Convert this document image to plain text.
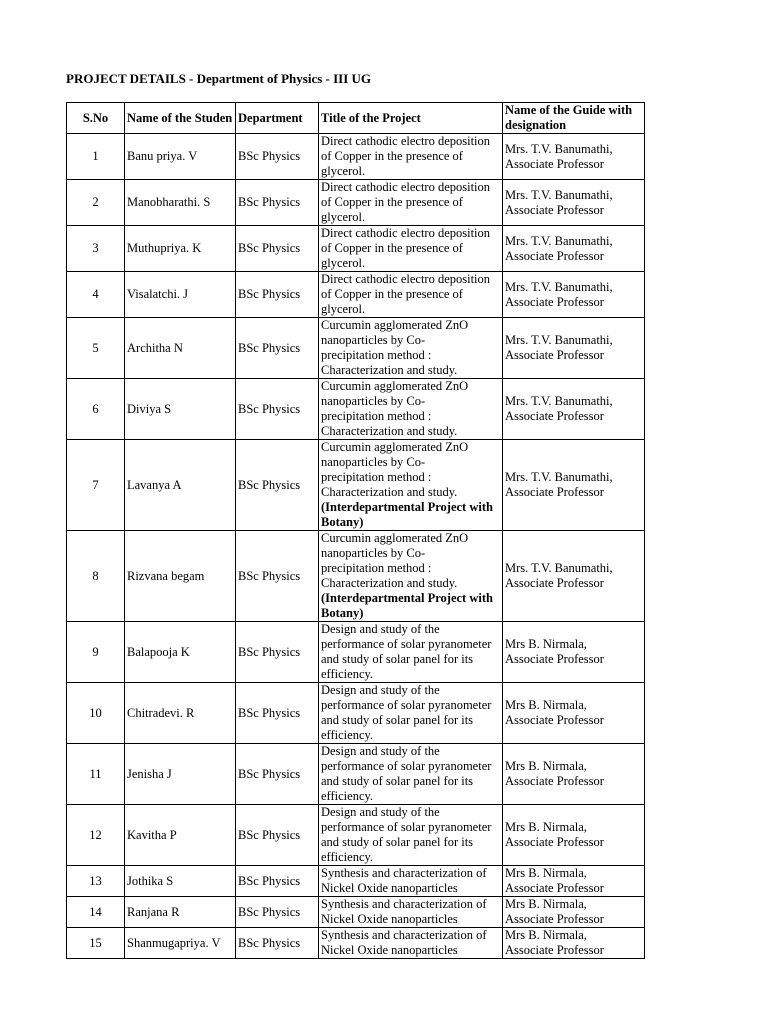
PROJECT DETAILS - Department of Physics - III UG
S.No	Name of the Studen	Department	Title of the Project	Name of the Guide with
designation

1	Banu priya. V	BSc Physics	Direct cathodic electro deposition
of Copper in the presence of
glycerol.	Mrs. T.V. Banumathi,
Associate Professor

2	Manobharathi. S	BSc Physics	Direct cathodic electro deposition
of Copper in the presence of
glycerol.	Mrs. T.V. Banumathi,
Associate Professor

3	Muthupriya. K	BSc Physics	Direct cathodic electro deposition
of Copper in the presence of
glycerol.	Mrs. T.V. Banumathi,
Associate Professor

4	Visalatchi. J	BSc Physics	Direct cathodic electro deposition
of Copper in the presence of
glycerol.	Mrs. T.V. Banumathi,
Associate Professor

5	Architha N	BSc Physics	Curcumin agglomerated ZnO
nanoparticles by Co-
precipitation method :
Characterization and study.	Mrs. T.V. Banumathi,
Associate Professor

6	Diviya S	BSc Physics	Curcumin agglomerated ZnO
nanoparticles by Co-
precipitation method :
Characterization and study.	Mrs. T.V. Banumathi,
Associate Professor

7	Lavanya A	BSc Physics	Curcumin agglomerated ZnO
nanoparticles by Co-
precipitation method :
Characterization and study.
(Interdepartmental Project with Botany)	Mrs. T.V. Banumathi,
Associate Professor

8	Rizvana begam	BSc Physics	Curcumin agglomerated ZnO
nanoparticles by Co-
precipitation method :
Characterization and study.
(Interdepartmental Project with Botany)	Mrs. T.V. Banumathi,
Associate Professor

9	Balapooja K	BSc Physics	Design and study of the
performance of solar pyranometer
and study of solar panel for its
efficiency.	Mrs B. Nirmala,
Associate Professor

10	Chitradevi. R	BSc Physics	Design and study of the
performance of solar pyranometer
and study of solar panel for its
efficiency.	Mrs B. Nirmala,
Associate Professor

11	Jenisha J	BSc Physics	Design and study of the
performance of solar pyranometer
and study of solar panel for its
efficiency.	Mrs B. Nirmala,
Associate Professor

12	Kavitha P	BSc Physics	Design and study of the
performance of solar pyranometer
and study of solar panel for its
efficiency.	Mrs B. Nirmala,
Associate Professor

13	Jothika S	BSc Physics	Synthesis and characterization of
Nickel Oxide nanoparticles	Mrs B. Nirmala,
Associate Professor

14	Ranjana R	BSc Physics	Synthesis and characterization of
Nickel Oxide nanoparticles	Mrs B. Nirmala,
Associate Professor

15	Shanmugapriya. V	BSc Physics	Synthesis and characterization of
Nickel Oxide nanoparticles	Mrs B. Nirmala,
Associate Professor
